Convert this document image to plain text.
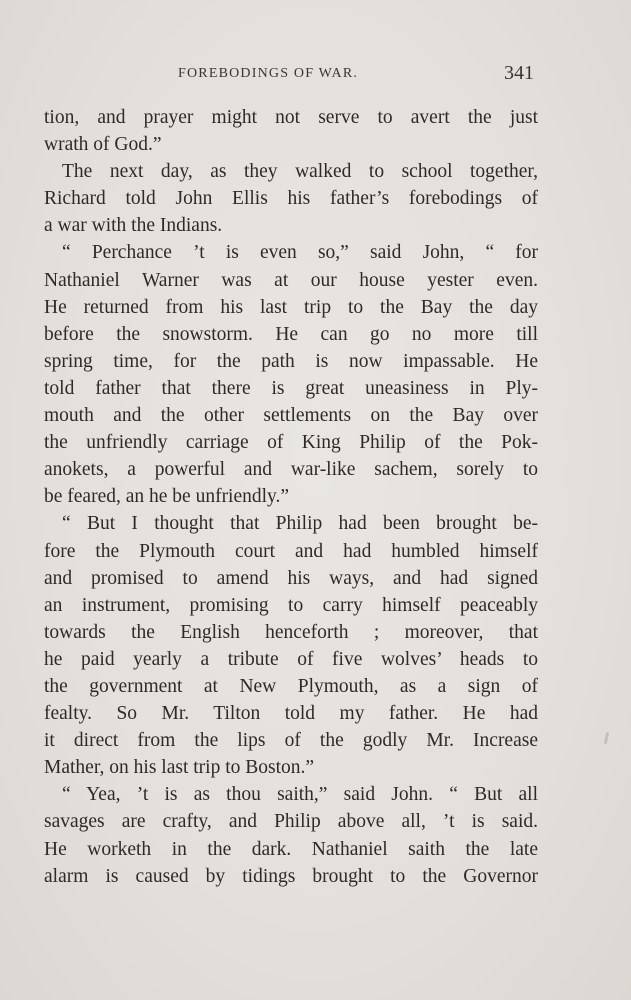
FOREBODINGS OF WAR.	341
tion, and prayer might not serve to avert the just
wrath of God.”
The next day, as they walked to school together,
Richard told John Ellis his father’s forebodings of
a war with the Indians.
“ Perchance ’t is even so,” said John, “ for
Nathaniel Warner was at our house yester even.
He returned from his last trip to the Bay the day
before the snowstorm. He can go no more till
spring time, for the path is now impassable. He
told father that there is great uneasiness in Ply-
mouth and the other settlements on the Bay over
the unfriendly carriage of King Philip of the Pok-
anokets, a powerful and war-like sachem, sorely to
be feared, an he be unfriendly.”
“ But I thought that Philip had been brought be-
fore the Plymouth court and had humbled himself
and promised to amend his ways, and had signed
an instrument, promising to carry himself peaceably
towards the English henceforth ; moreover, that
he paid yearly a tribute of five wolves’ heads to
the government at New Plymouth, as a sign of
fealty. So Mr. Tilton told my father. He had
it direct from the lips of the godly Mr. Increase
Mather, on his last trip to Boston.”
“ Yea, ’t is as thou saith,” said John. “ But all
savages are crafty, and Philip above all, ’t is said.
He worketh in the dark. Nathaniel saith the late
alarm is caused by tidings brought to the Governor
